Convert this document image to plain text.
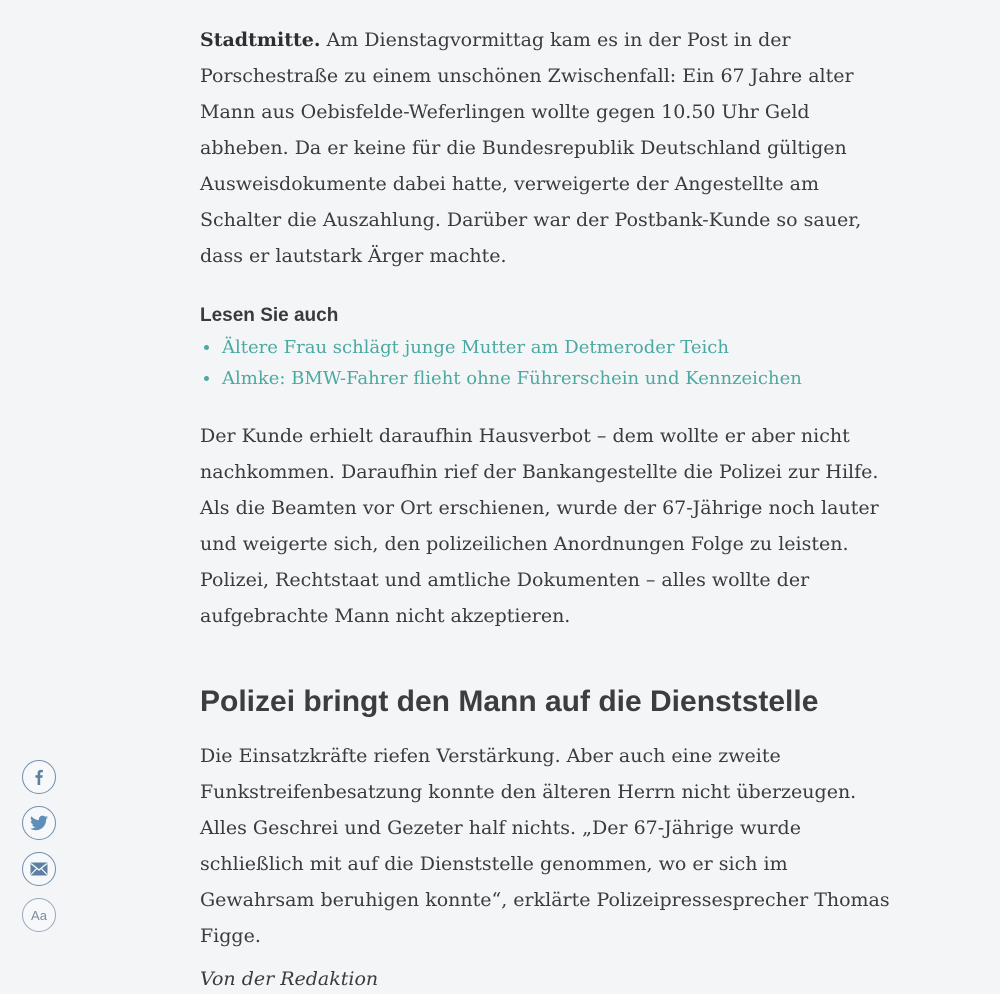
Stadtmitte. Am Dienstagvormittag kam es in der Post in der Porschestraße zu einem unschönen Zwischenfall: Ein 67 Jahre alter Mann aus Oebisfelde-Weferlingen wollte gegen 10.50 Uhr Geld abheben. Da er keine für die Bundesrepublik Deutschland gültigen Ausweisdokumente dabei hatte, verweigerte der Angestellte am Schalter die Auszahlung. Darüber war der Postbank-Kunde so sauer, dass er lautstark Ärger machte.

Lesen Sie auch
Ältere Frau schlägt junge Mutter am Detmeroder Teich
Almke: BMW-Fahrer flieht ohne Führerschein und Kennzeichen

Der Kunde erhielt daraufhin Hausverbot – dem wollte er aber nicht nachkommen. Daraufhin rief der Bankangestellte die Polizei zur Hilfe. Als die Beamten vor Ort erschienen, wurde der 67-Jährige noch lauter und weigerte sich, den polizeilichen Anordnungen Folge zu leisten. Polizei, Rechtstaat und amtliche Dokumenten – alles wollte der aufgebrachte Mann nicht akzeptieren.

Polizei bringt den Mann auf die Dienststelle

Die Einsatzkräfte riefen Verstärkung. Aber auch eine zweite Funkstreifenbesatzung konnte den älteren Herrn nicht überzeugen. Alles Geschrei und Gezeter half nichts. „Der 67-Jährige wurde schließlich mit auf die Dienststelle genommen, wo er sich im Gewahrsam beruhigen konnte“, erklärte Polizeipressesprecher Thomas Figge.

Von der Redaktion

Aa
